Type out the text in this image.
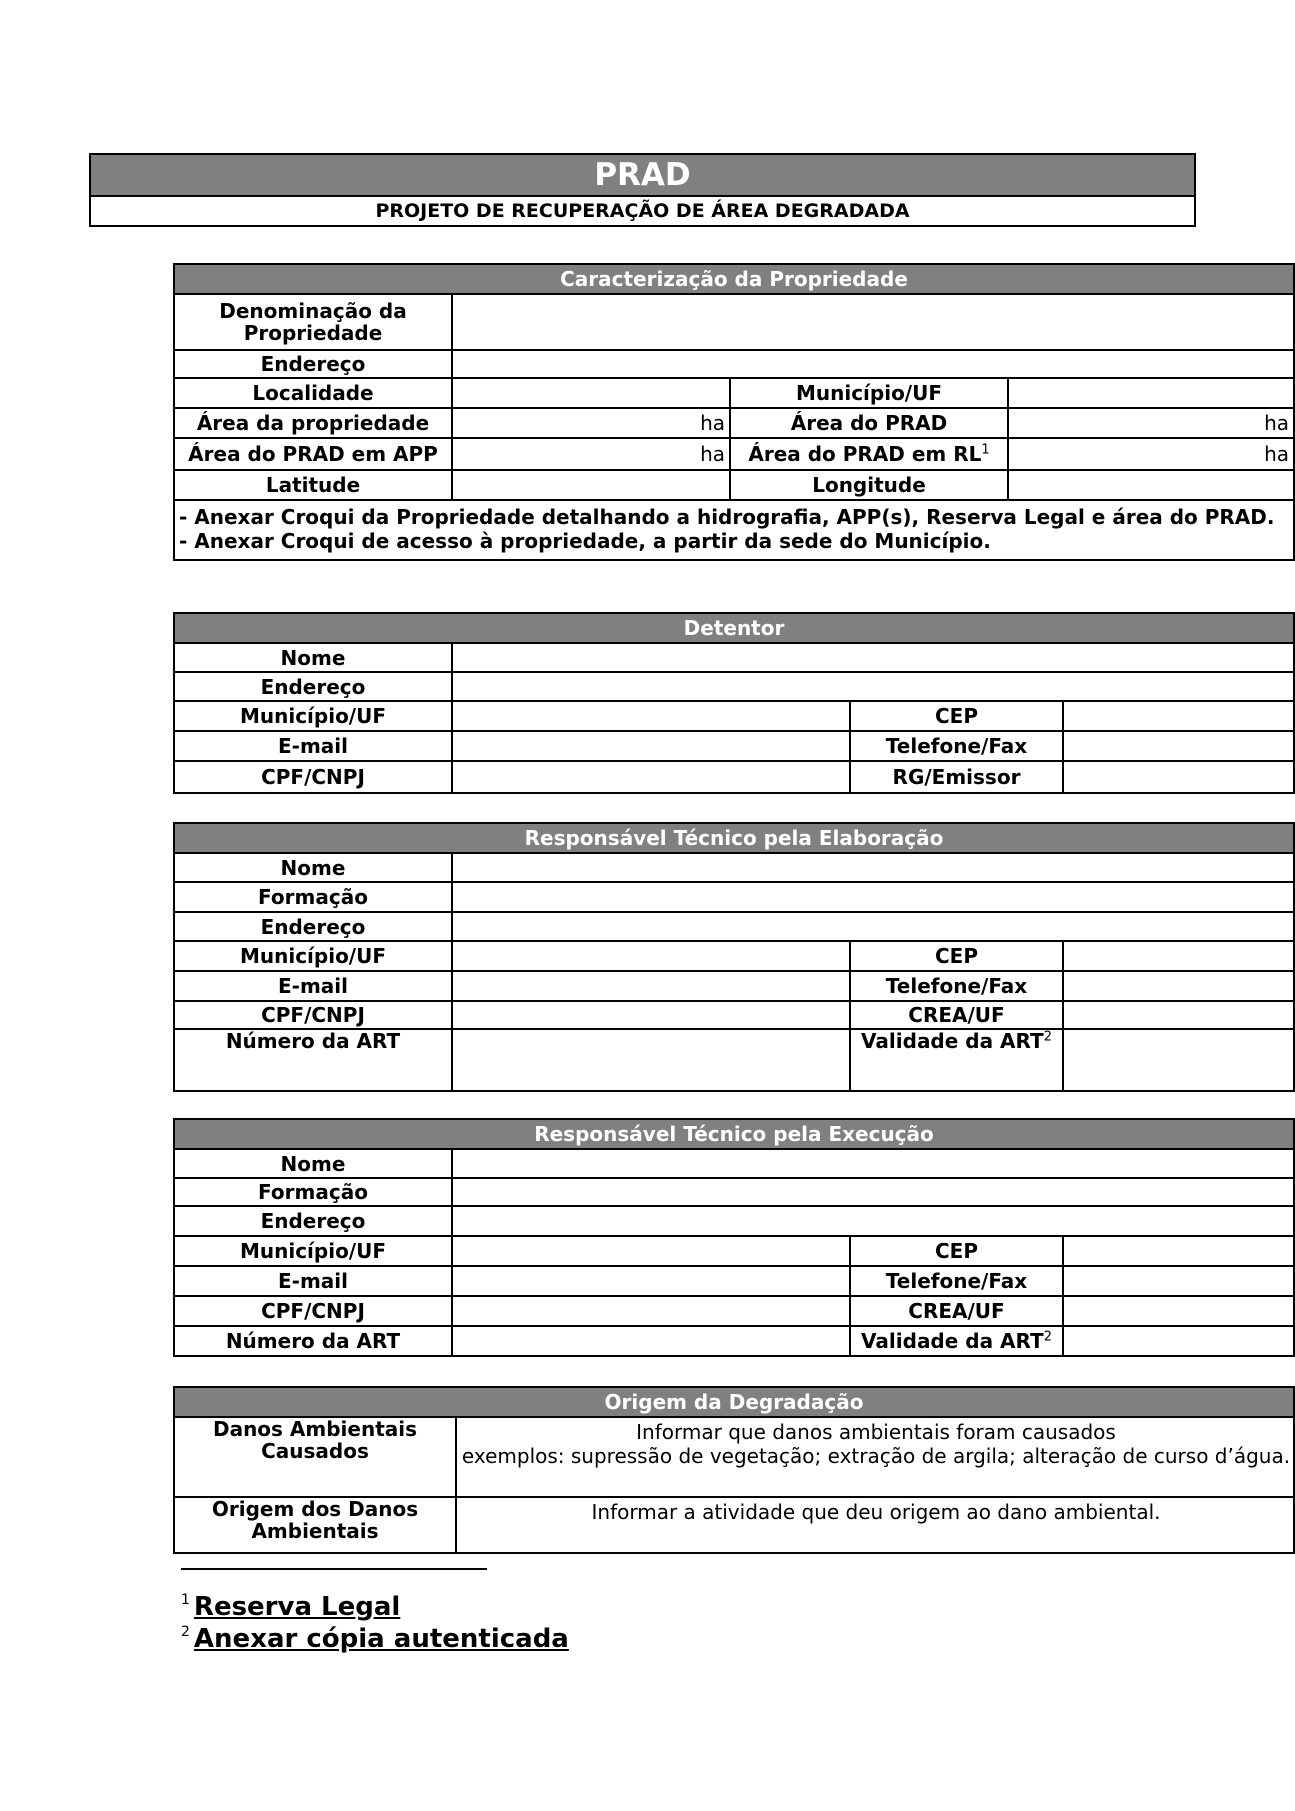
PRAD
PROJETO DE RECUPERAÇÃO DE ÁREA DEGRADADA
Caracterização da Propriedade			
Denominação da Propriedade			
Endereço			
Localidade		Município/UF	
Área da propriedade	ha	Área do PRAD	ha
Área do PRAD em APP	ha	Área do PRAD em $RL^1$	ha
Latitude		Longitude	

- Anexar Croqui da Propriedade detalhando a hidrografia, APP(s), Reserva Legal e área do PRAD.
- Anexar Croqui de acesso à propriedade, a partir da sede do Município.			
Detentor			
Nome			
Endereço			
Município/UF		CEP	
E-mail		Telefone/Fax	
CPF/CNPJ		RG/Emissor	
Responsável Técnico pela Elaboração			
Nome			
Formação			
Endereço			
Município/UF		CEP	
E-mail		Telefone/Fax	
CPF/CNPJ		CREA/UF	
Número da ART		Validade da ART$^2$	
Responsável Técnico pela Execução			
Nome			
Formação			
Endereço			
Município/UF		CEP	
E-mail		Telefone/Fax	
CPF/CNPJ		CREA/UF	
Número da ART		Validade da ART$^2$	
Origem da Degradação	
Danos Ambientais Causados	Informar que danos ambientais foram causados
exemplos: supressão de vegetação; extração de argila; alteração de curso d’água.

Origem dos Danos Ambientais	Informar a atividade que deu origem ao dano ambiental.
$^1$ Reserva Legal
$^2$ Anexar cópia autenticada
